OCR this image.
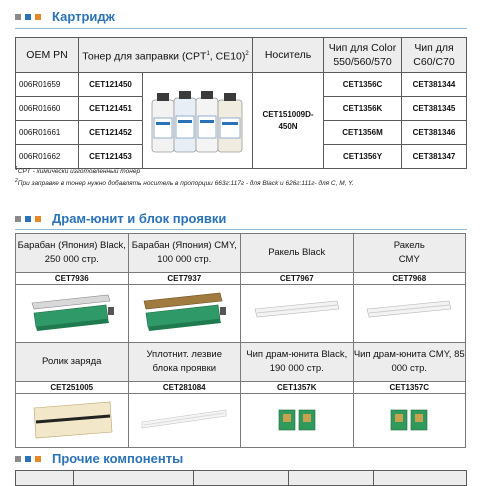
Картридж
OEM PN	Тонер для заправки (CPT$^1$, CE10)$^2$		Носитель	Чип для Color 550/560/570	Чип для C60/C70
006R01659	CET121450		CET151009D-450N	CET1356C	CET381344
006R01660	CET121451			CET1356K	CET381345
006R01661	CET121452			CET1356M	CET381346
006R01662	CET121453			CET1356Y	CET381347
$^1$CPT - химически изготовленный тонер
$^2$При заправке в тонер нужно добавлять носитель в пропорции 663г:117г - для Black и 626г:111г- для C, M, Y.
Драм-юнит и блок проявки
Барабан (Япония) Black, 250 000 стр.	Барабан (Япония) CMY, 100 000 стр.	Ракель Black	Ракель CMY
CET7936	CET7937	CET7967	CET7968

Ролик заряда	Уплотнит. лезвие блока проявки	Чип драм-юнита Black, 190 000 стр.	Чип драм-юнита CMY, 85 000 стр.
CET251005	CET281084	CET1357K	CET1357C

Прочие компоненты
